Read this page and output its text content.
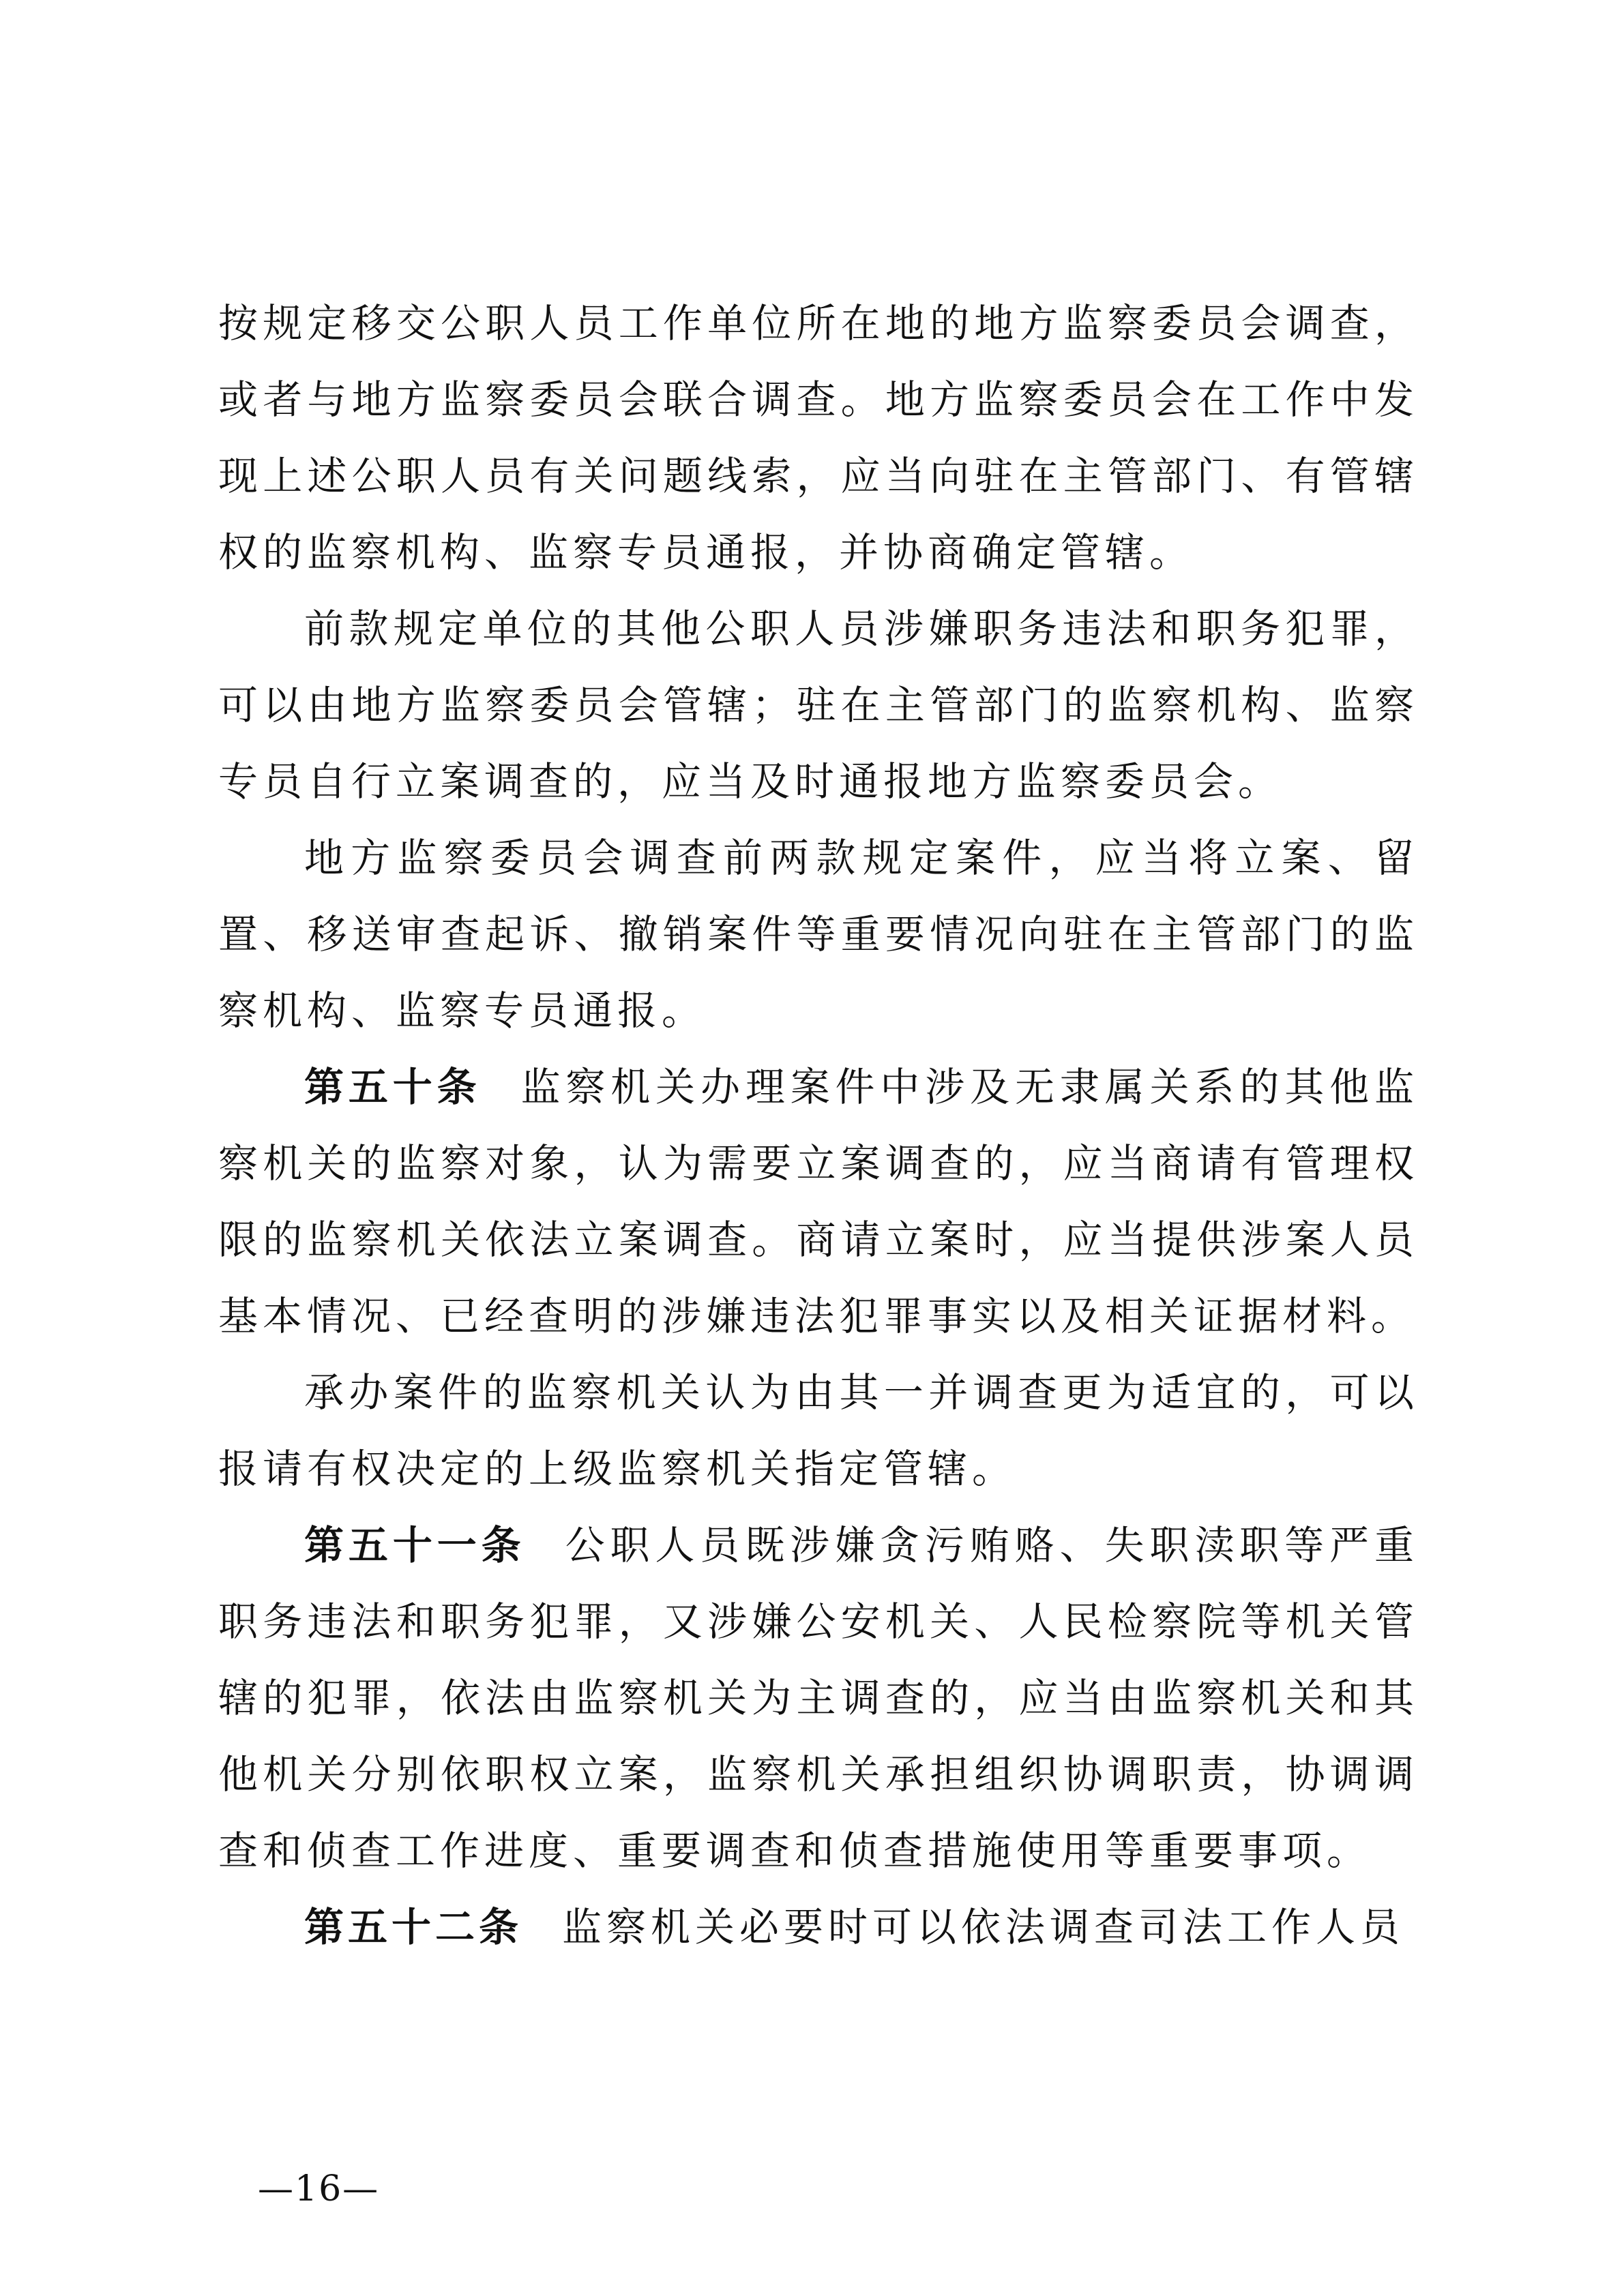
按规定移交公职人员工作单位所在地的地方监察委员会调查，或者与地方监察委员会联合调查。地方监察委员会在工作中发现上述公职人员有关问题线索，应当向驻在主管部门、有管辖权的监察机构、监察专员通报，并协商确定管辖。

前款规定单位的其他公职人员涉嫌职务违法和职务犯罪，可以由地方监察委员会管辖；驻在主管部门的监察机构、监察专员自行立案调查的，应当及时通报地方监察委员会。

地方监察委员会调查前两款规定案件，应当将立案、留置、移送审查起诉、撤销案件等重要情况向驻在主管部门的监察机构、监察专员通报。

第五十条 监察机关办理案件中涉及无隶属关系的其他监察机关的监察对象，认为需要立案调查的，应当商请有管理权限的监察机关依法立案调查。商请立案时，应当提供涉案人员基本情况、已经查明的涉嫌违法犯罪事实以及相关证据材料。

承办案件的监察机关认为由其一并调查更为适宜的，可以报请有权决定的上级监察机关指定管辖。

第五十一条 公职人员既涉嫌贪污贿赂、失职渎职等严重职务违法和职务犯罪，又涉嫌公安机关、人民检察院等机关管辖的犯罪，依法由监察机关为主调查的，应当由监察机关和其他机关分别依职权立案，监察机关承担组织协调职责，协调调查和侦查工作进度、重要调查和侦查措施使用等重要事项。

第五十二条 监察机关必要时可以依法调查司法工作人员

—16—
